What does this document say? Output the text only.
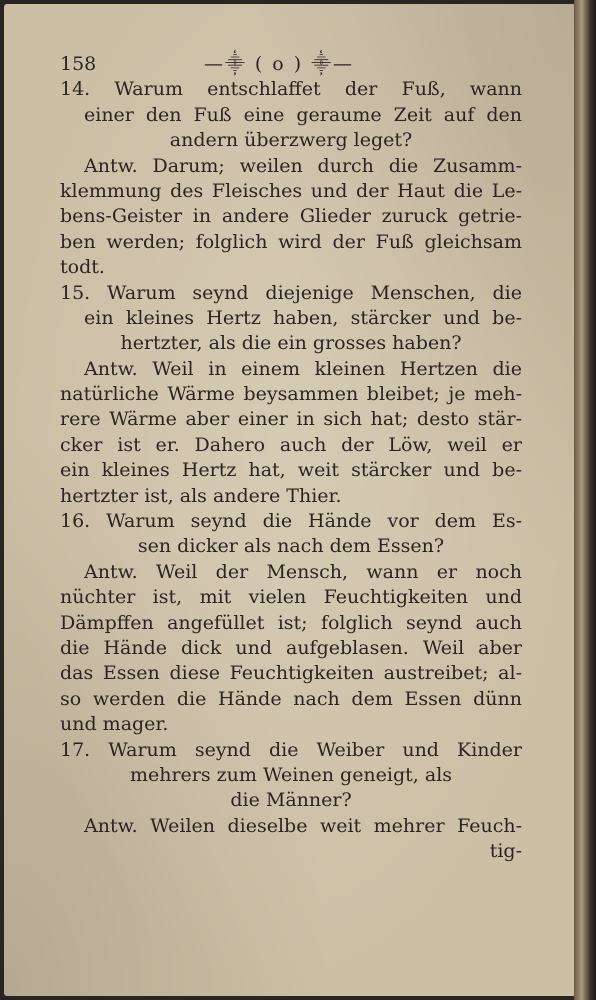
158	—⸎ ( o ) ⸎—
14. Warum entschlaffet der Fuß, wann
einer den Fuß eine geraume Zeit auf den
andern überzwerg leget?
Antw. Darum; weilen durch die Zusamm-
klemmung des Fleisches und der Haut die Le-
bens-Geister in andere Glieder zuruck getrie-
ben werden; folglich wird der Fuß gleichsam
todt.
15. Warum seynd diejenige Menschen, die
ein kleines Hertz haben, stärcker und be-
hertzter, als die ein grosses haben?
Antw. Weil in einem kleinen Hertzen die
natürliche Wärme beysammen bleibet; je meh-
rere Wärme aber einer in sich hat; desto stär-
cker ist er. Dahero auch der Löw, weil er
ein kleines Hertz hat, weit stärcker und be-
hertzter ist, als andere Thier.
16. Warum seynd die Hände vor dem Es-
sen dicker als nach dem Essen?
Antw. Weil der Mensch, wann er noch
nüchter ist, mit vielen Feuchtigkeiten und
Dämpffen angefüllet ist; folglich seynd auch
die Hände dick und aufgeblasen. Weil aber
das Essen diese Feuchtigkeiten austreibet; al-
so werden die Hände nach dem Essen dünn
und mager.
17. Warum seynd die Weiber und Kinder
mehrers zum Weinen geneigt, als
die Männer?
Antw. Weilen dieselbe weit mehrer Feuch-
tig-
